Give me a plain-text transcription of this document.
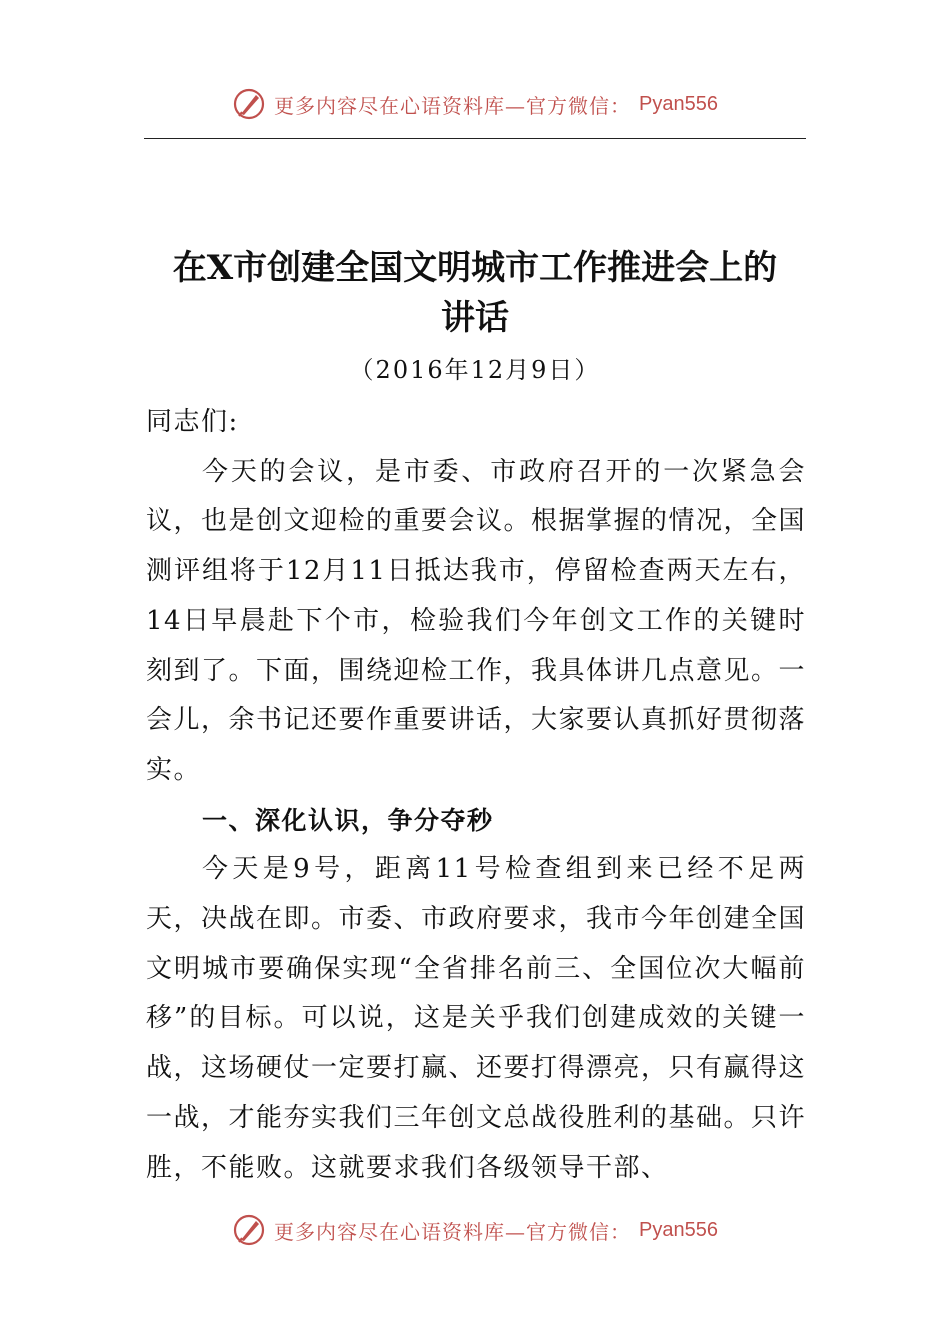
更多内容尽在心语资料库—官方微信： Pyan556
在X市创建全国文明城市工作推进会上的
讲话
（2016年12月9日）

同志们:

今天的会议，是市委、市政府召开的一次紧急会议，也是创文迎检的重要会议。根据掌握的情况，全国测评组将于12月11日抵达我市，停留检查两天左右，14日早晨赴下个市，检验我们今年创文工作的关键时刻到了。下面，围绕迎检工作，我具体讲几点意见。一会儿，余书记还要作重要讲话，大家要认真抓好贯彻落实。

一、深化认识，争分夺秒

今天是9号，距离11号检查组到来已经不足两天，决战在即。市委、市政府要求，我市今年创建全国文明城市要确保实现“全省排名前三、全国位次大幅前移”的目标。可以说，这是关乎我们创建成效的关键一战，这场硬仗一定要打赢、还要打得漂亮，只有赢得这一战，才能夯实我们三年创文总战役胜利的基础。只许胜，不能败。这就要求我们各级领导干部、

更多内容尽在心语资料库—官方微信： Pyan556
